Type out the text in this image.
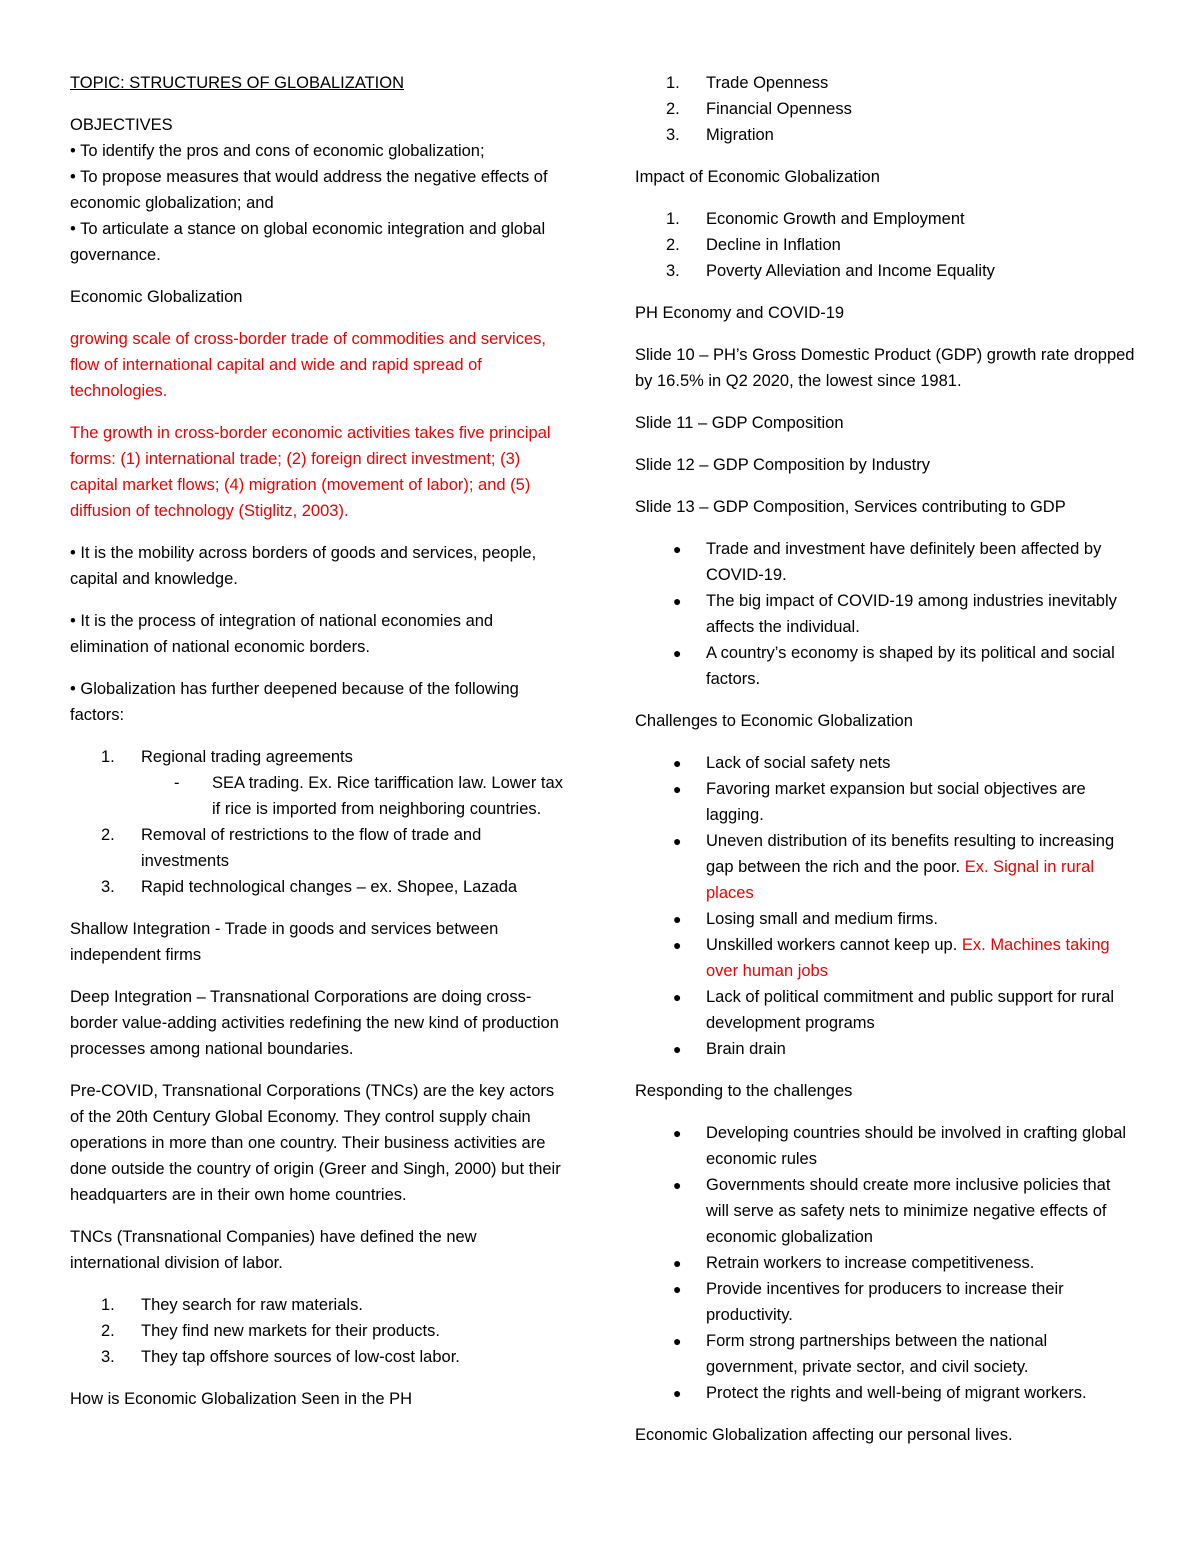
TOPIC: STRUCTURES OF GLOBALIZATION

OBJECTIVES

• To identify the pros and cons of economic globalization;

• To propose measures that would address the negative effects of economic globalization; and

• To articulate a stance on global economic integration and global governance.

Economic Globalization

growing scale of cross-border trade of commodities and services, flow of international capital and wide and rapid spread of technologies.

The growth in cross-border economic activities takes five principal forms: (1) international trade; (2) foreign direct investment; (3) capital market flows; (4) migration (movement of labor); and (5) diffusion of technology (Stiglitz, 2003).

• It is the mobility across borders of goods and services, people, capital and knowledge.

• It is the process of integration of national economies and elimination of national economic borders.

• Globalization has further deepened because of the following factors:

1. Regional trading agreements
- SEA trading. Ex. Rice tariffication law. Lower tax if rice is imported from neighboring countries.
2. Removal of restrictions to the flow of trade and investments
3. Rapid technological changes – ex. Shopee, Lazada

Shallow Integration - Trade in goods and services between independent firms

Deep Integration – Transnational Corporations are doing cross-border value-adding activities redefining the new kind of production processes among national boundaries.

Pre-COVID, Transnational Corporations (TNCs) are the key actors of the 20th Century Global Economy. They control supply chain operations in more than one country. Their business activities are done outside the country of origin (Greer and Singh, 2000) but their headquarters are in their own home countries.

TNCs (Transnational Companies) have defined the new international division of labor.

1. They search for raw materials.
2. They find new markets for their products.
3. They tap offshore sources of low-cost labor.

How is Economic Globalization Seen in the PH

1. Trade Openness
2. Financial Openness
3. Migration

Impact of Economic Globalization

1. Economic Growth and Employment
2. Decline in Inflation
3. Poverty Alleviation and Income Equality

PH Economy and COVID-19

Slide 10 – PH’s Gross Domestic Product (GDP) growth rate dropped by 16.5% in Q2 2020, the lowest since 1981.

Slide 11 – GDP Composition

Slide 12 – GDP Composition by Industry

Slide 13 – GDP Composition, Services contributing to GDP

● Trade and investment have definitely been affected by COVID-19.
● The big impact of COVID-19 among industries inevitably affects the individual.
● A country’s economy is shaped by its political and social factors.

Challenges to Economic Globalization

● Lack of social safety nets
● Favoring market expansion but social objectives are lagging.
● Uneven distribution of its benefits resulting to increasing gap between the rich and the poor. Ex. Signal in rural places
● Losing small and medium firms.
● Unskilled workers cannot keep up. Ex. Machines taking over human jobs
● Lack of political commitment and public support for rural development programs
● Brain drain

Responding to the challenges

● Developing countries should be involved in crafting global economic rules
● Governments should create more inclusive policies that will serve as safety nets to minimize negative effects of economic globalization
● Retrain workers to increase competitiveness.
● Provide incentives for producers to increase their productivity.
● Form strong partnerships between the national government, private sector, and civil society.
● Protect the rights and well-being of migrant workers.

Economic Globalization affecting our personal lives.
